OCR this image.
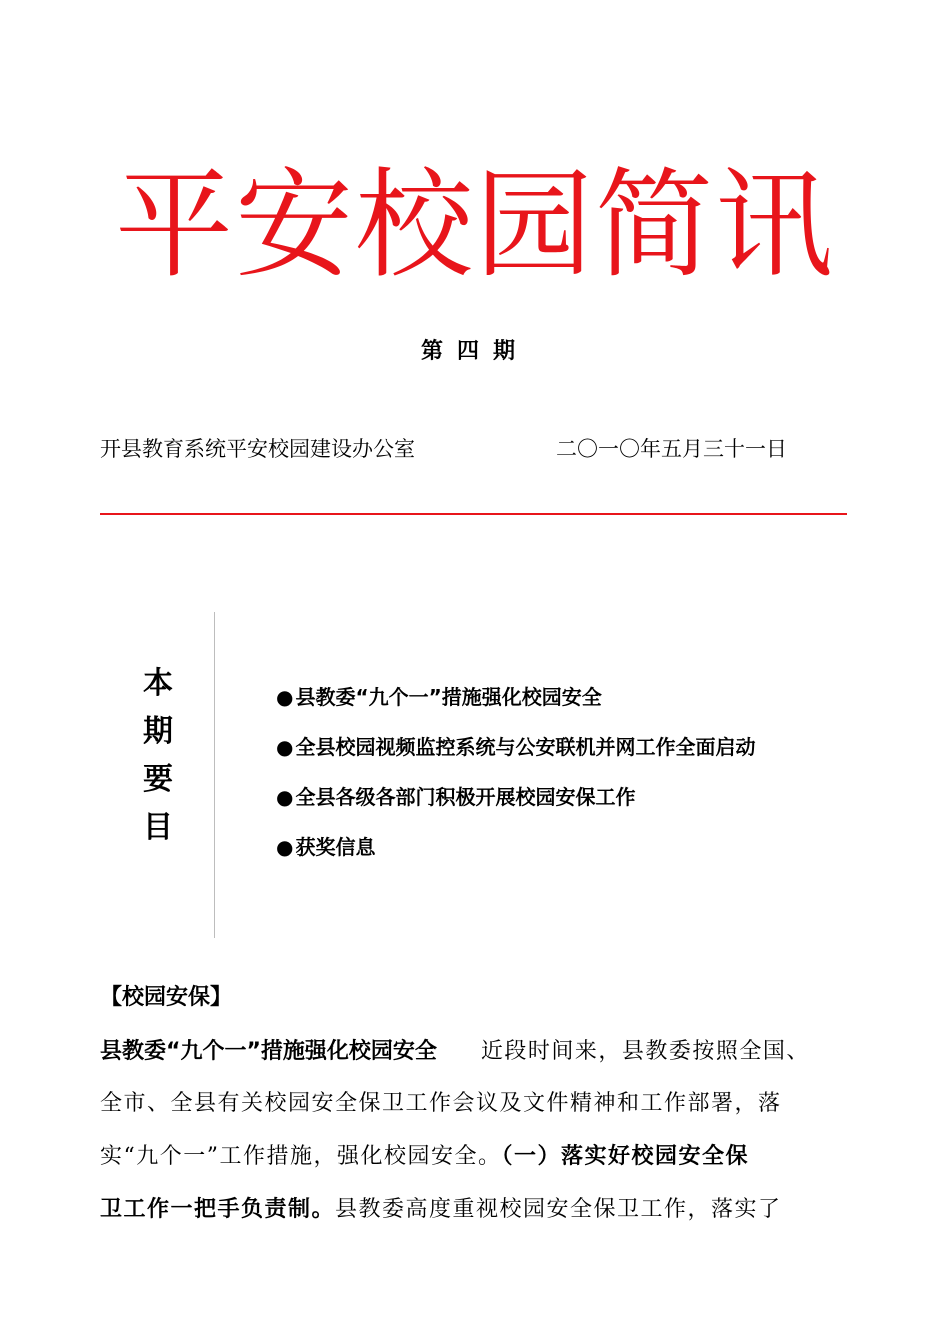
平安校园简讯
第四期
开县教育系统平安校园建设办公室	二〇一〇年五月三十一日
本
期
要
目
● 县教委“九个一”措施强化校园安全
● 全县校园视频监控系统与公安联机并网工作全面启动
● 全县各级各部门积极开展校园安保工作
● 获奖信息
【校园安保】

县教委“九个一”措施强化校园安全 近段时间来，县教委按照全国、
全市、全县有关校园安全保卫工作会议及文件精神和工作部署，落
实“九个一”工作措施，强化校园安全。（一）落实好校园安全保
卫工作一把手负责制。县教委高度重视校园安全保卫工作，落实了
